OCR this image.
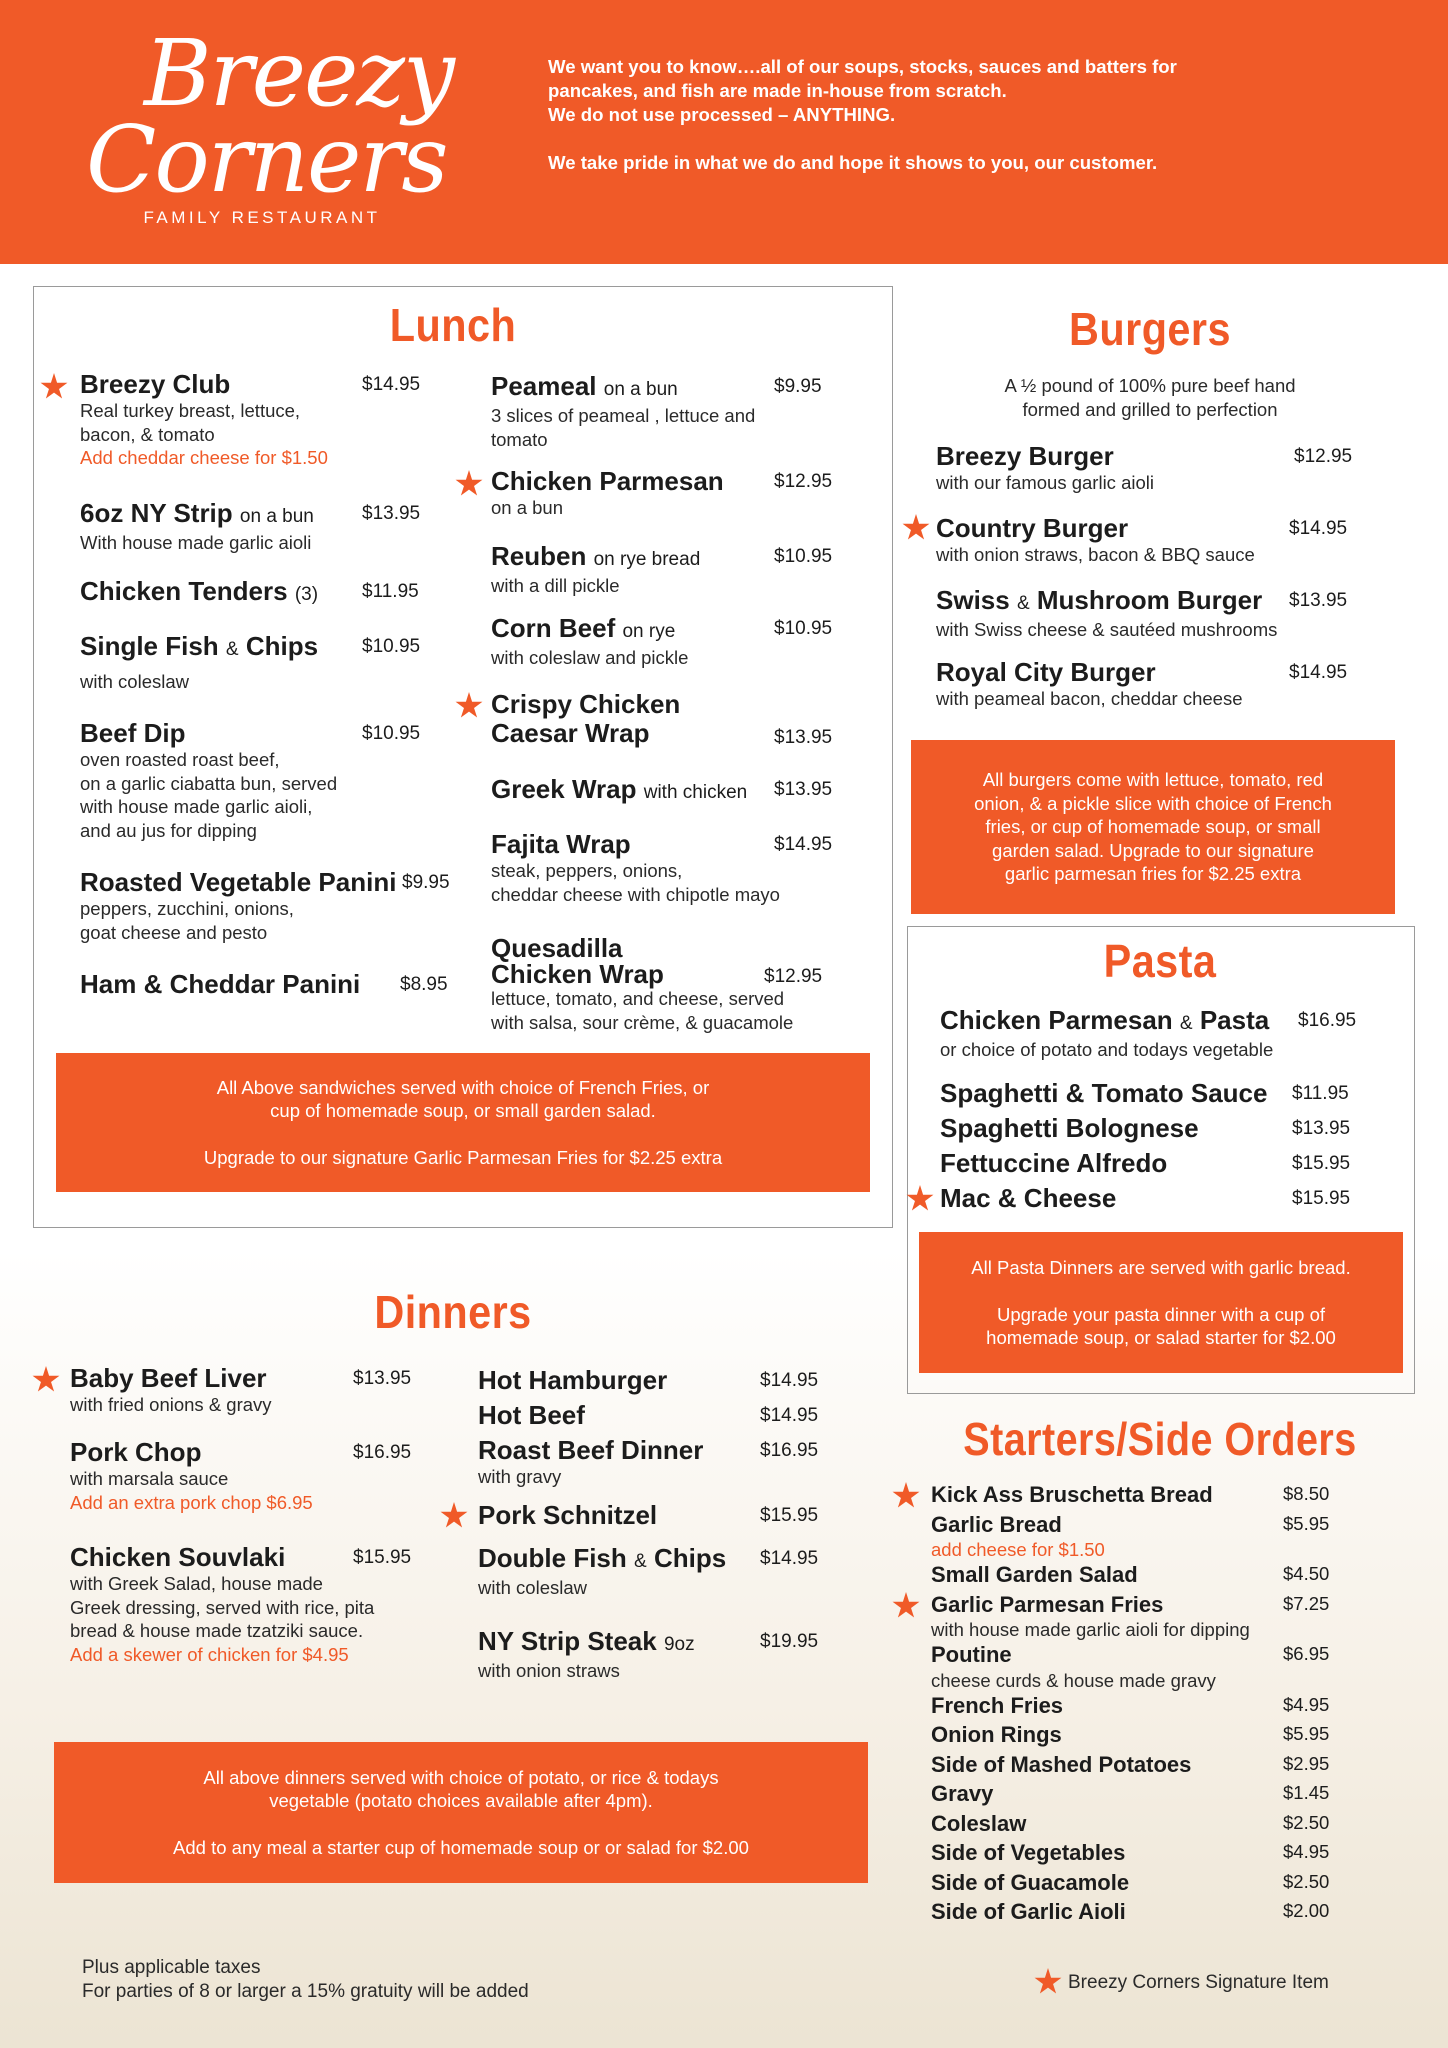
Breezy
Corners
FAMILY RESTAURANT
We want you to know….all of our soups, stocks, sauces and batters for
pancakes, and fish are made in-house from scratch.
We do not use processed – ANYTHING.
We take pride in what we do and hope it shows to you, our customer.
Lunch
Breezy Club	$14.95
Real turkey breast, lettuce,
bacon, & tomato
Add cheddar cheese for $1.50
6oz NY Strip on a bun	$13.95
With house made garlic aioli
Chicken Tenders (3)	$11.95
Single Fish & Chips	$10.95
with coleslaw
Beef Dip	$10.95
oven roasted roast beef,
on a garlic ciabatta bun, served
with house made garlic aioli,
and au jus for dipping
Roasted Vegetable Panini $9.95
peppers, zucchini, onions,
goat cheese and pesto
Ham & Cheddar Panini	$8.95
Peameal on a bun	$9.95
3 slices of peameal , lettuce and
tomato
Chicken Parmesan	$12.95
on a bun
Reuben on rye bread	$10.95
with a dill pickle
Corn Beef on rye	$10.95
with coleslaw and pickle
Crispy Chicken
Caesar Wrap	$13.95
Greek Wrap with chicken	$13.95
Fajita Wrap	$14.95
steak, peppers, onions,
cheddar cheese with chipotle mayo
Quesadilla
Chicken Wrap	$12.95
lettuce, tomato, and cheese, served
with salsa, sour crème, & guacamole
All Above sandwiches served with choice of French Fries, or
cup of homemade soup, or small garden salad.
Upgrade to our signature Garlic Parmesan Fries for $2.25 extra
Burgers
A ½ pound of 100% pure beef hand
formed and grilled to perfection
Breezy Burger	$12.95
with our famous garlic aioli
Country Burger	$14.95
with onion straws, bacon & BBQ sauce
Swiss & Mushroom Burger	$13.95
with Swiss cheese & sautéed mushrooms
Royal City Burger	$14.95
with peameal bacon, cheddar cheese
All burgers come with lettuce, tomato, red
onion, & a pickle slice with choice of French
fries, or cup of homemade soup, or small
garden salad. Upgrade to our signature
garlic parmesan fries for $2.25 extra
Pasta
Chicken Parmesan & Pasta	$16.95
or choice of potato and todays vegetable
Spaghetti & Tomato Sauce	$11.95
Spaghetti Bolognese	$13.95
Fettuccine Alfredo	$15.95
Mac & Cheese	$15.95
All Pasta Dinners are served with garlic bread.
Upgrade your pasta dinner with a cup of
homemade soup, or salad starter for $2.00
Dinners
Baby Beef Liver	$13.95
with fried onions & gravy
Pork Chop	$16.95
with marsala sauce
Add an extra pork chop $6.95
Chicken Souvlaki	$15.95
with Greek Salad, house made
Greek dressing, served with rice, pita
bread & house made tzatziki sauce.
Add a skewer of chicken for $4.95
Hot Hamburger	$14.95
Hot Beef	$14.95
Roast Beef Dinner	$16.95
with gravy
Pork Schnitzel	$15.95
Double Fish & Chips	$14.95
with coleslaw
NY Strip Steak 9oz	$19.95
with onion straws
All above dinners served with choice of potato, or rice & todays
vegetable (potato choices available after 4pm).
Add to any meal a starter cup of homemade soup or or salad for $2.00
Starters/Side Orders
Kick Ass Bruschetta Bread	$8.50
Garlic Bread	$5.95
add cheese for $1.50
Small Garden Salad	$4.50
Garlic Parmesan Fries	$7.25
with house made garlic aioli for dipping
Poutine	$6.95
cheese curds & house made gravy
French Fries	$4.95
Onion Rings	$5.95
Side of Mashed Potatoes	$2.95
Gravy	$1.45
Coleslaw	$2.50
Side of Vegetables	$4.95
Side of Guacamole	$2.50
Side of Garlic Aioli	$2.00
Plus applicable taxes
For parties of 8 or larger a 15% gratuity will be added	Breezy Corners Signature Item
